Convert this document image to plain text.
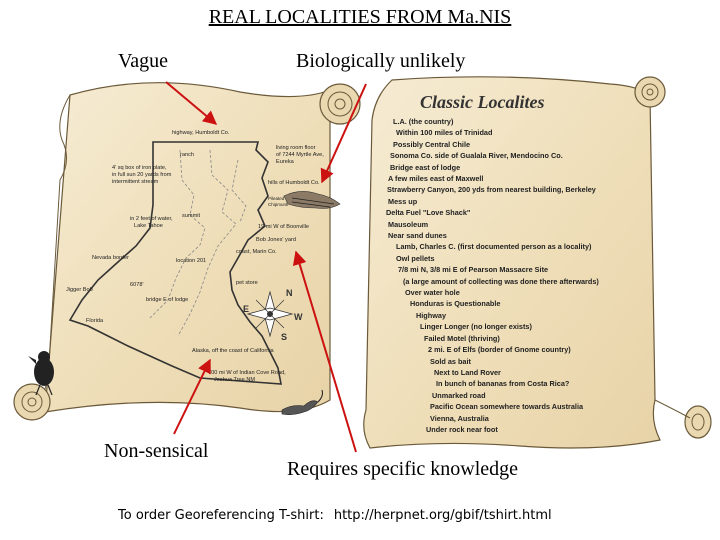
REAL LOCALITIES FROM Ma.NIS
Vague	Biologically unlikely
Non-sensical
Requires specific knowledge
highway, Humboldt Co.
living room floor
of 7244 Myrtle Ave,
Eureka
ranch
4' sq box of iron plate,
in full sun 20 yards from
intermittent stream	hills of Humboldt Co.
Pileated
Chipmunk
summit
19 mi W of Boonville
in 2 feet of water,
Lake Tahoe
Bob Jones' yard
coast, Marin Co.
location 201
Nevada border
6078'
Jigger Bob
pet store
bridge E of lodge
Florida
Alaska, off the coast of California
700 mi W of Indian Cove Road,
Joshua Tree NM
N
S
E
W
Classic Localites
L.A. (the country)
Within 100 miles of Trinidad
Possibly Central Chile
Sonoma Co. side of Gualala River, Mendocino Co.
Bridge east of lodge
A few miles east of Maxwell
Strawberry Canyon, 200 yds from nearest building, Berkeley
Mess up
Delta Fuel "Love Shack"
Mausoleum
Near sand dunes
Lamb, Charles C. (first documented person as a locality)
Owl pellets
7/8 mi N, 3/8 mi E of Pearson Massacre Site
(a large amount of collecting was done there afterwards)
Over water hole
Honduras is Questionable
Highway
Linger Longer (no longer exists)
Failed Motel (thriving)
2 mi. E of Elfs (border of Gnome country)
Sold as bait
Next to Land Rover
In bunch of bananas from Costa Rica?
Unmarked road
Pacific Ocean somewhere towards Australia
Vienna, Australia
Under rock near foot
To order Georeferencing T-shirt: http://herpnet.org/gbif/tshirt.html
